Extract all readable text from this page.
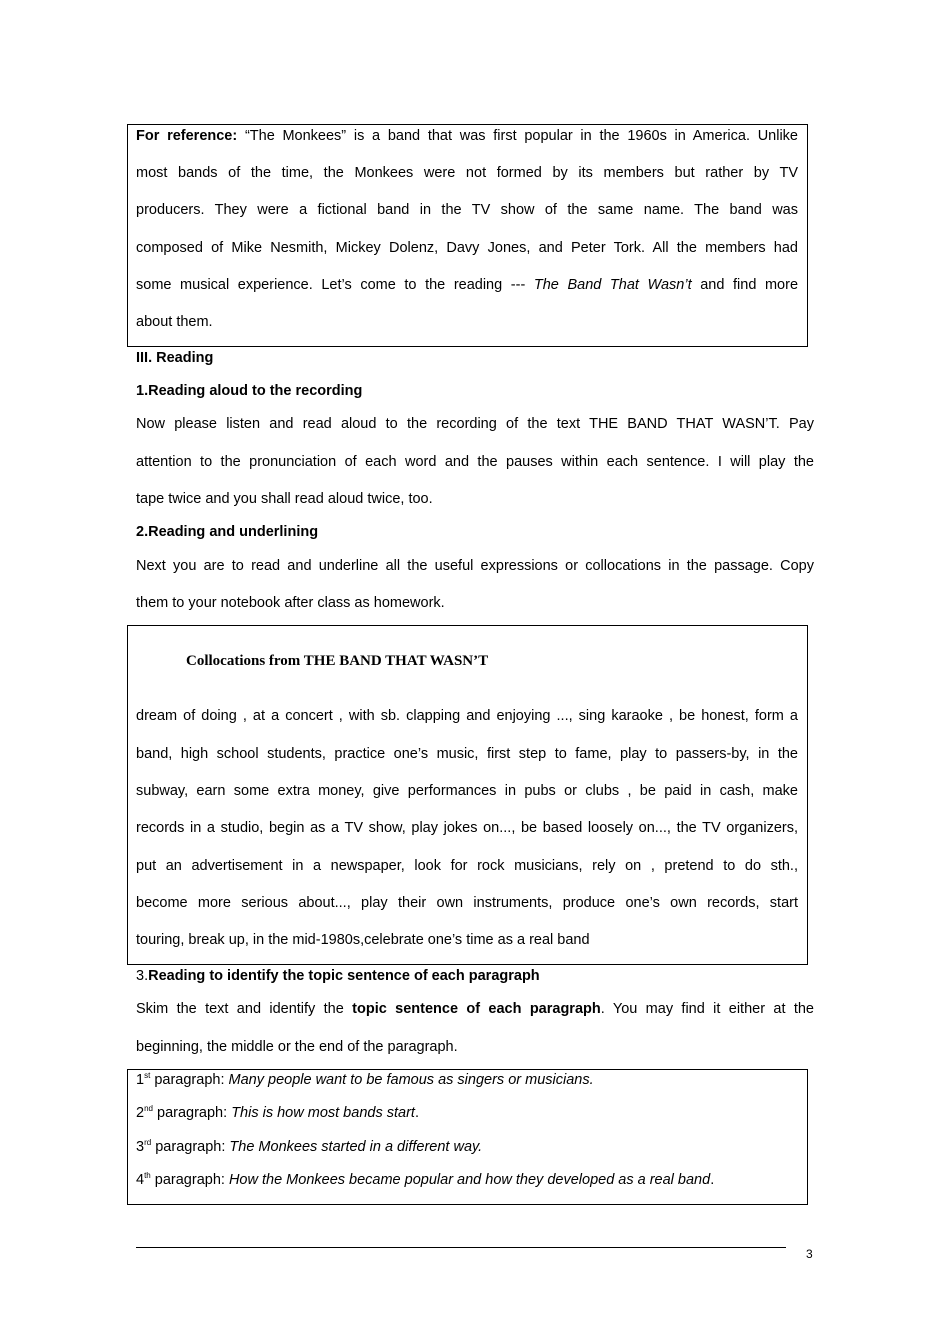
For reference: “The Monkees” is a band that was first popular in the 1960s in America. Unlike
most bands of the time, the Monkees were not formed by its members but rather by TV
producers. They were a fictional band in the TV show of the same name. The band was
composed of Mike Nesmith, Mickey Dolenz, Davy Jones, and Peter Tork. All the members had
some musical experience. Let’s come to the reading --- The Band That Wasn’t and find more
about them.
III. Reading
1.Reading aloud to the recording
Now please listen and read aloud to the recording of the text THE BAND THAT WASN’T. Pay
attention to the pronunciation of each word and the pauses within each sentence. I will play the
tape twice and you shall read aloud twice, too.
2.Reading and underlining
Next you are to read and underline all the useful expressions or collocations in the passage. Copy
them to your notebook after class as homework.
Collocations from THE BAND THAT WASN’T
dream of doing , at a concert , with sb. clapping and enjoying ..., sing karaoke , be honest, form a
band, high school students, practice one’s music, first step to fame, play to passers-by, in the
subway, earn some extra money, give performances in pubs or clubs , be paid in cash, make
records in a studio, begin as a TV show, play jokes on..., be based loosely on..., the TV organizers,
put an advertisement in a newspaper, look for rock musicians, rely on , pretend to do sth.,
become more serious about..., play their own instruments, produce one’s own records, start
touring, break up, in the mid-1980s,celebrate one’s time as a real band
3.Reading to identify the topic sentence of each paragraph
Skim the text and identify the topic sentence of each paragraph. You may find it either at the
beginning, the middle or the end of the paragraph.
1st paragraph: Many people want to be famous as singers or musicians.
2nd paragraph: This is how most bands start.
3rd paragraph: The Monkees started in a different way.
4th paragraph: How the Monkees became popular and how they developed as a real band.
3
